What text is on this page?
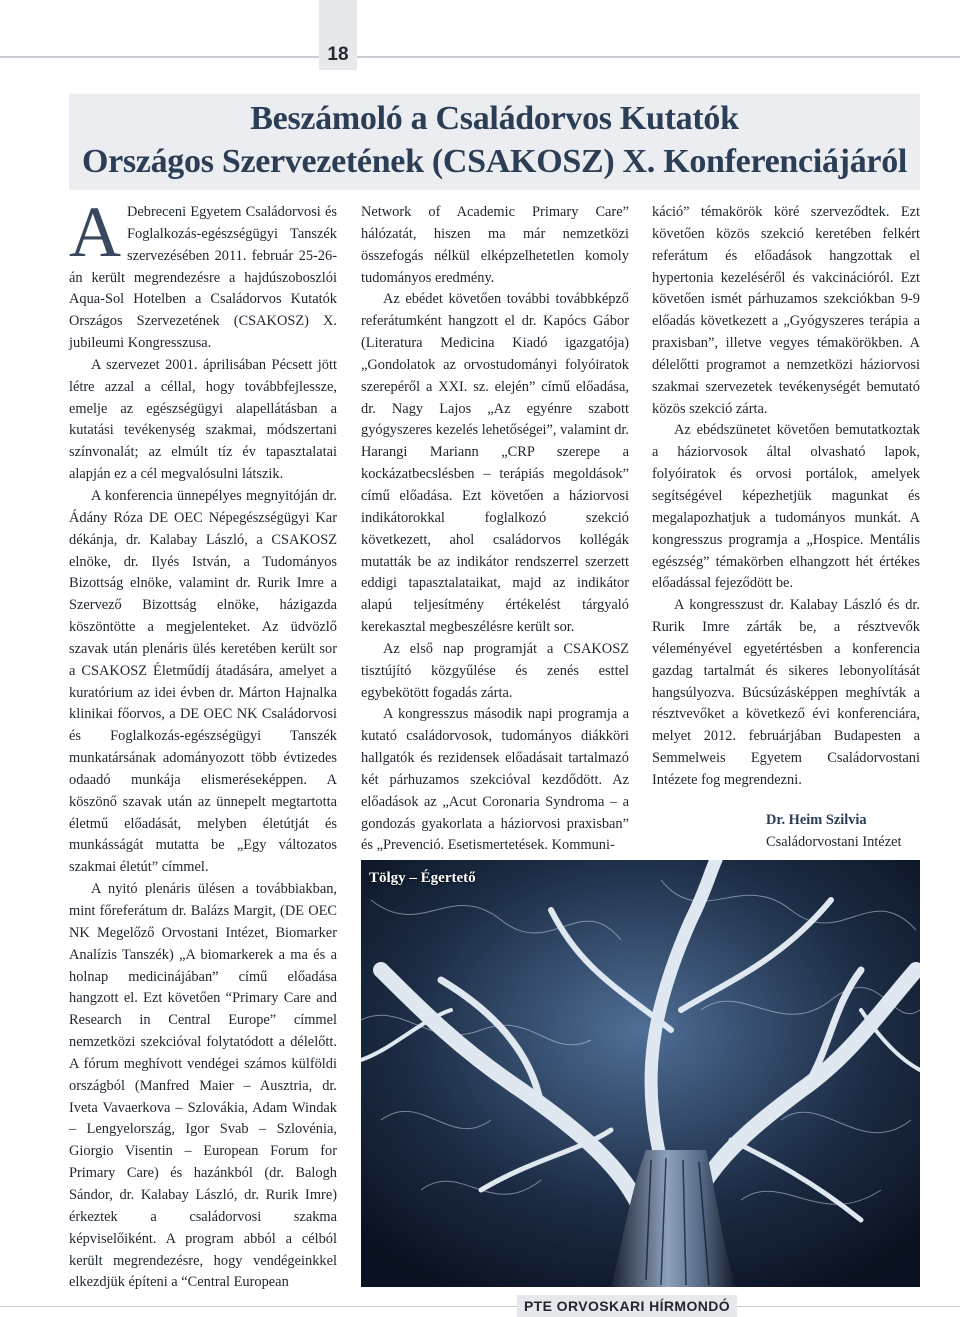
18
Beszámoló a Családorvos Kutatók
Országos Szervezetének (CSAKOSZ) X. Konferenciájáról

A Debreceni Egyetem Családorvosi és Foglalkozás-egészségügyi Tanszék szervezésében 2011. február 25-26-án került megrendezésre a hajdúszoboszlói Aqua-Sol Hotelben a Családorvos Kutatók Országos Szervezetének (CSAKOSZ) X. jubileumi Kongresszusa.

A szervezet 2001. áprilisában Pécsett jött létre azzal a céllal, hogy továbbfejlessze, emelje az egészségügyi alapellátásban a kutatási tevékenység szakmai, módszertani színvonalát; az elmúlt tíz év tapasztalatai alapján ez a cél megvalósulni látszik.

A konferencia ünnepélyes megnyitóján dr. Ádány Róza DE OEC Népegészségügyi Kar dékánja, dr. Kalabay László, a CSAKOSZ elnöke, dr. Ilyés István, a Tudományos Bizottság elnöke, valamint dr. Rurik Imre a Szervező Bizottság elnöke, házigazda köszöntötte a megjelenteket. Az üdvözlő szavak után plenáris ülés keretében került sor a CSAKOSZ Életműdíj átadására, amelyet a kuratórium az idei évben dr. Márton Hajnalka klinikai főorvos, a DE OEC NK Családorvosi és Foglalkozás-egészségügyi Tanszék munkatársának adományozott több évtizedes odaadó munkája elismeréseképpen. A köszönő szavak után az ünnepelt megtartotta életmű előadását, melyben életútját és munkásságát mutatta be „Egy változatos szakmai életút” címmel.

A nyitó plenáris ülésen a továbbiakban, mint főreferátum dr. Balázs Margit, (DE OEC NK Megelőző Orvostani Intézet, Biomarker Analízis Tanszék) „A biomarkerek a ma és a holnap medicinájában” című előadása hangzott el. Ezt követően “Primary Care and Research in Central Europe” címmel nemzetközi szekcióval folytatódott a délelőtt. A fórum meghívott vendégei számos külföldi országból (Manfred Maier – Ausztria, dr. Iveta Vavaerkova – Szlovákia, Adam Windak – Lengyelország, Igor Svab – Szlovénia, Giorgio Visentin – European Forum for Primary Care) és hazánkból (dr. Balogh Sándor, dr. Kalabay László, dr. Rurik Imre) érkeztek a családorvosi szakma képviselőiként. A program abból a célból került megrendezésre, hogy vendégeinkkel elkezdjük építeni a “Central European

Network of Academic Primary Care” hálózatát, hiszen ma már nemzetközi összefogás nélkül elképzelhetetlen komoly tudományos eredmény.

Az ebédet követően további továbbképző referátumként hangzott el dr. Kapócs Gábor (Literatura Medicina Kiadó igazgatója) „Gondolatok az orvostudományi folyóiratok szerepéről a XXI. sz. elején” című előadása, dr. Nagy Lajos „Az egyénre szabott gyógyszeres kezelés lehetőségei”, valamint dr. Harangi Mariann „CRP szerepe a kockázatbecslésben – terápiás megoldások” című előadása. Ezt követően a háziorvosi indikátorokkal foglalkozó szekció következett, ahol családorvos kollégák mutatták be az indikátor rendszerrel szerzett eddigi tapasztalataikat, majd az indikátor alapú teljesítmény értékelést tárgyaló kerekasztal megbeszélésre került sor.

Az első nap programját a CSAKOSZ tisztújító közgyűlése és zenés esttel egybekötött fogadás zárta.

A kongresszus második napi programja a kutató családorvosok, tudományos diákköri hallgatók és rezidensek előadásait tartalmazó két párhuzamos szekcióval kezdődött. Az előadások az „Acut Coronaria Syndroma – a gondozás gyakorlata a háziorvosi praxisban” és „Prevenció. Esetismertetések. Kommuni-

káció” témakörök köré szerveződtek. Ezt követően közös szekció keretében felkért referátum és előadások hangzottak el hypertonia kezeléséről és vakcinációról. Ezt követően ismét párhuzamos szekciókban 9-9 előadás következett a „Gyógyszeres terápia a praxisban”, illetve vegyes témakörökben. A délelőtti programot a nemzetközi háziorvosi szakmai szervezetek tevékenységét bemutató közös szekció zárta.

Az ebédszünetet követően bemutatkoztak a háziorvosok által olvasható lapok, folyóiratok és orvosi portálok, amelyek segítségével képezhetjük magunkat és megalapozhatjuk a tudományos munkát. A kongresszus programja a „Hospice. Mentális egészség” témakörben elhangzott hét értékes előadással fejeződött be.

A kongresszust dr. Kalabay László és dr. Rurik Imre zárták be, a résztvevők véleményével egyetértésben a konferencia gazdag tartalmát és sikeres lebonyolítását hangsúlyozva. Búcsúzásképpen meghívták a résztvevőket a következő évi konferenciára, melyet 2012. februárjában Budapesten a Semmelweis Egyetem Családorvostani Intézete fog megrendezni.

Dr. Heim Szilvia
Családorvostani Intézet
Tölgy – Égertető
PTE ORVOSKARI HÍRMONDÓ
